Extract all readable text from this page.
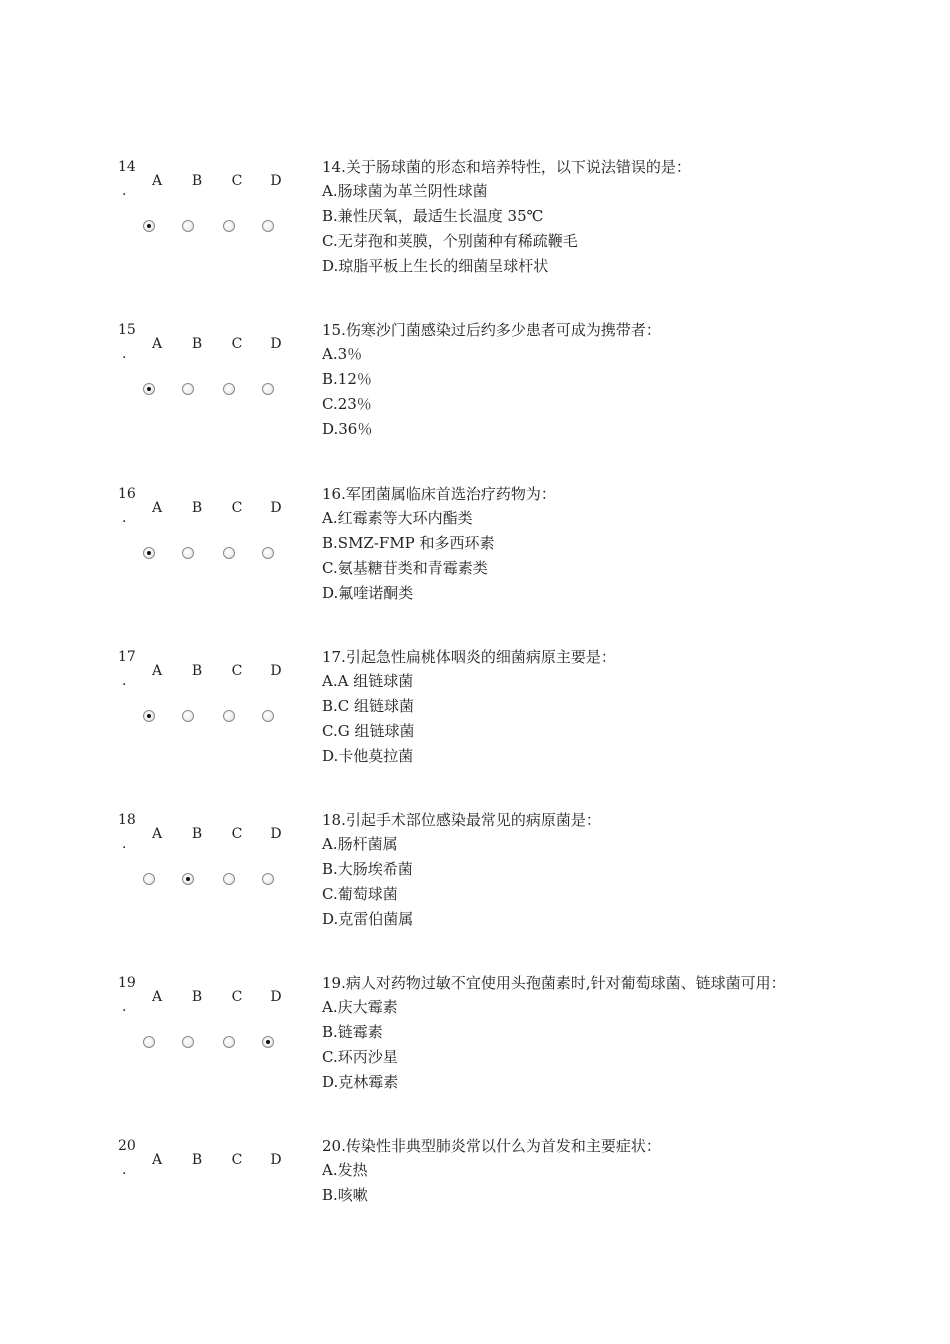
14
.
A B C D
14.关于肠球菌的形态和培养特性，以下说法错误的是：
A.肠球菌为革兰阴性球菌
B.兼性厌氧，最适生长温度 35℃
C.无芽孢和荚膜，个别菌种有稀疏鞭毛
D.琼脂平板上生长的细菌呈球杆状
15
.
A B C D
15.伤寒沙门菌感染过后约多少患者可成为携带者：
A.3％
B.12％
C.23％
D.36％
16
.
A B C D
16.军团菌属临床首选治疗药物为：
A.红霉素等大环内酯类
B.SMZ-FMP 和多西环素
C.氨基糖苷类和青霉素类
D.氟喹诺酮类
17
.
A B C D
17.引起急性扁桃体咽炎的细菌病原主要是：
A.A 组链球菌
B.C 组链球菌
C.G 组链球菌
D.卡他莫拉菌
18
.
A B C D
18.引起手术部位感染最常见的病原菌是：
A.肠杆菌属
B.大肠埃希菌
C.葡萄球菌
D.克雷伯菌属
19
.
A B C D
19.病人对药物过敏不宜使用头孢菌素时,针对葡萄球菌、链球菌可用：
A.庆大霉素
B.链霉素
C.环丙沙星
D.克林霉素
20
.
A B C D
20.传染性非典型肺炎常以什么为首发和主要症状：
A.发热
B.咳嗽
